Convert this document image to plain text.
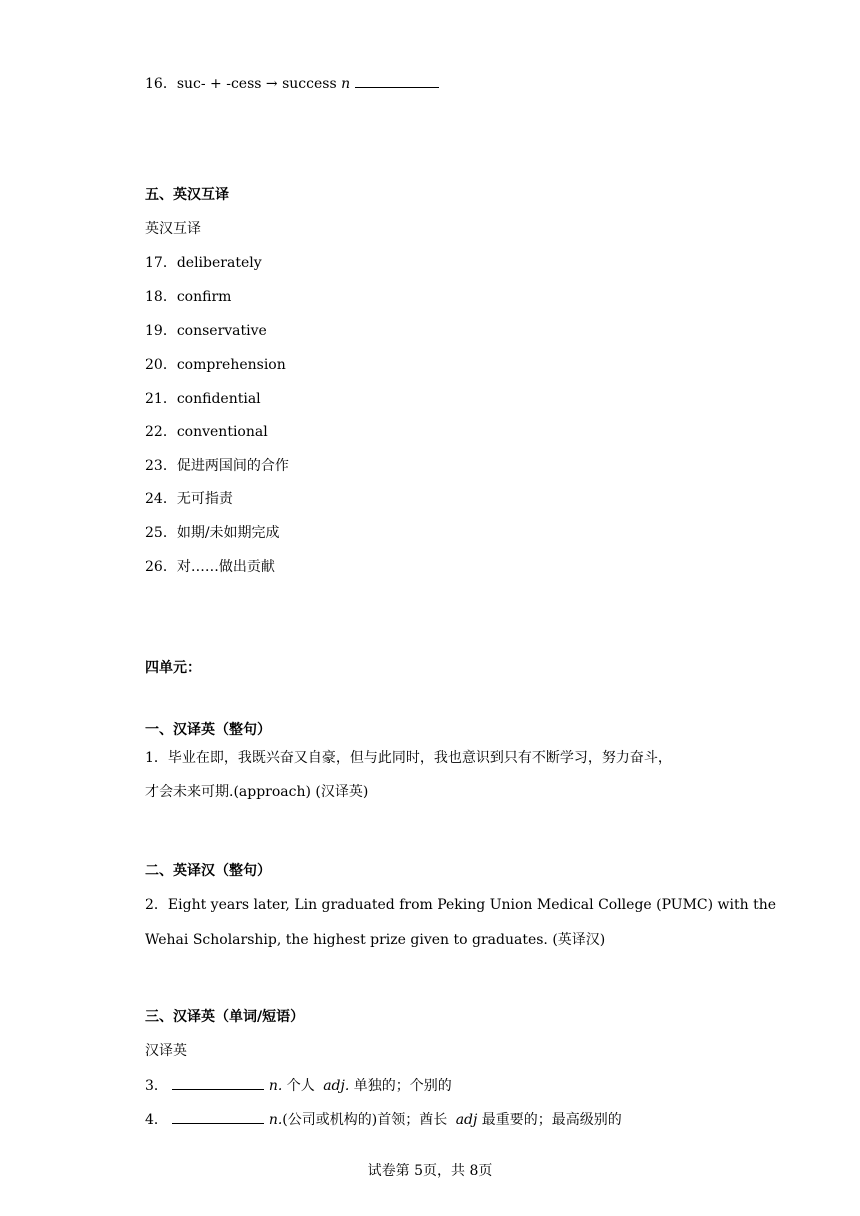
16．suc- + -cess → success n
五、英汉互译
英汉互译
17．deliberately
18．confirm
19．conservative
20．comprehension
21．confidential
22．conventional
23．促进两国间的合作
24．无可指责
25．如期/未如期完成
26．对……做出贡献
四单元：
一、汉译英（整句）
1．毕业在即，我既兴奋又自豪，但与此同时，我也意识到只有不断学习，努力奋斗，
才会未来可期.(approach) (汉译英)
二、英译汉（整句）
2．Eight years later, Lin graduated from Peking Union Medical College (PUMC) with the
Wehai Scholarship, the highest prize given to graduates. (英译汉)
三、汉译英（单词/短语）
汉译英
3．	n. 个人 adj. 单独的；个别的
4．	n.(公司或机构的)首领；酋长 adj 最重要的；最高级别的
试卷第 5页，共 8页
